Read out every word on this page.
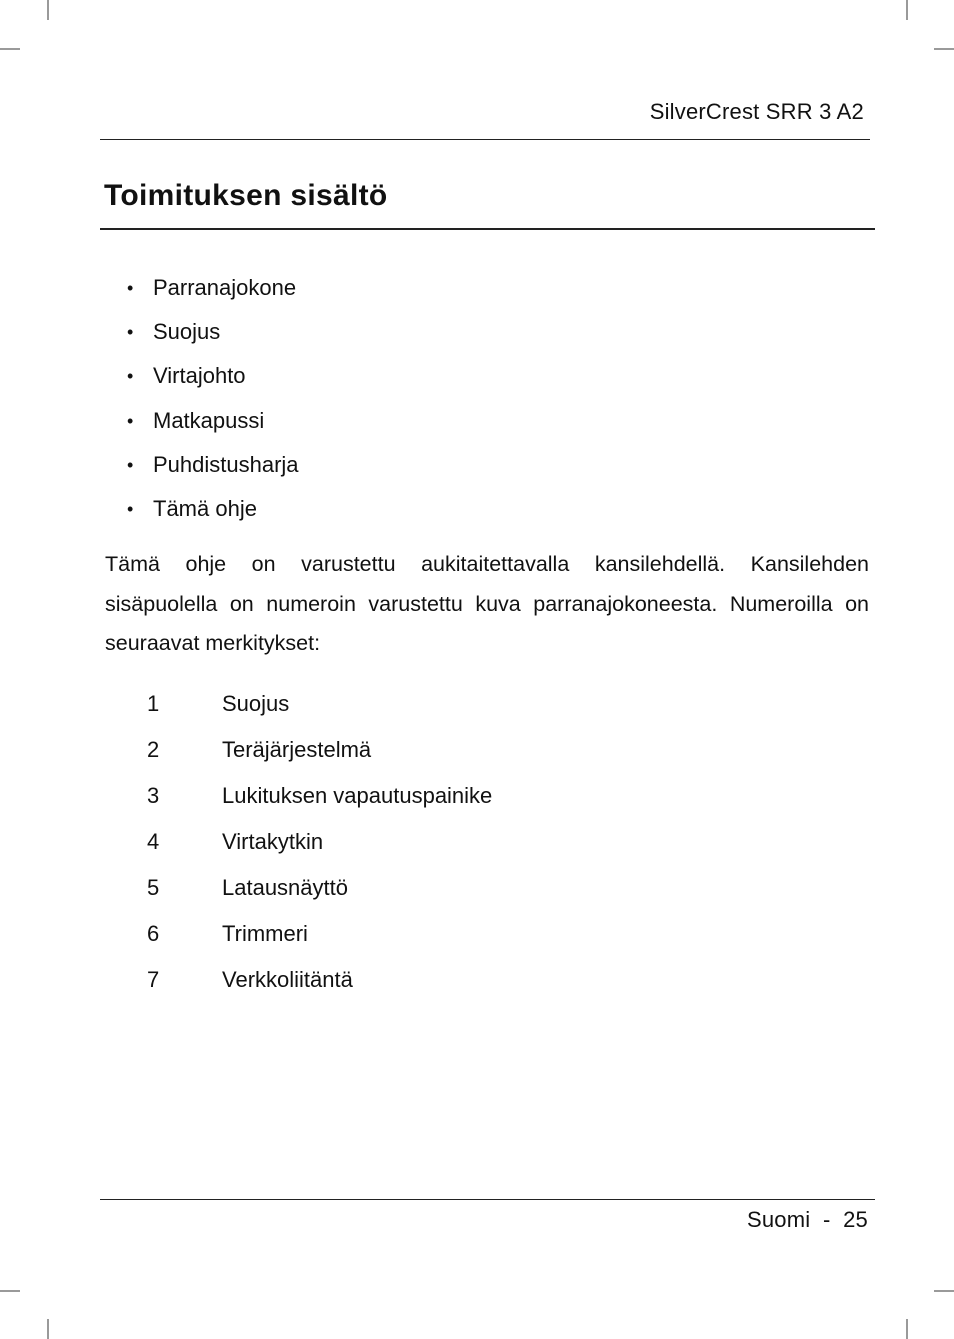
SilverCrest SRR 3 A2
Toimituksen sisältö
• Parranajokone
• Suojus
• Virtajohto
• Matkapussi
• Puhdistusharja
• Tämä ohje

Tämä ohje on varustettu aukitaitettavalla kansilehdellä. Kansilehden sisäpuolella on numeroin varustettu kuva parranajokoneesta. Numeroilla on seuraavat merkitykset:

1	Suojus
2	Teräjärjestelmä
3	Lukituksen vapautuspainike
4	Virtakytkin
5	Latausnäyttö
6	Trimmeri
7	Verkkoliitäntä
Suomi  -  25
